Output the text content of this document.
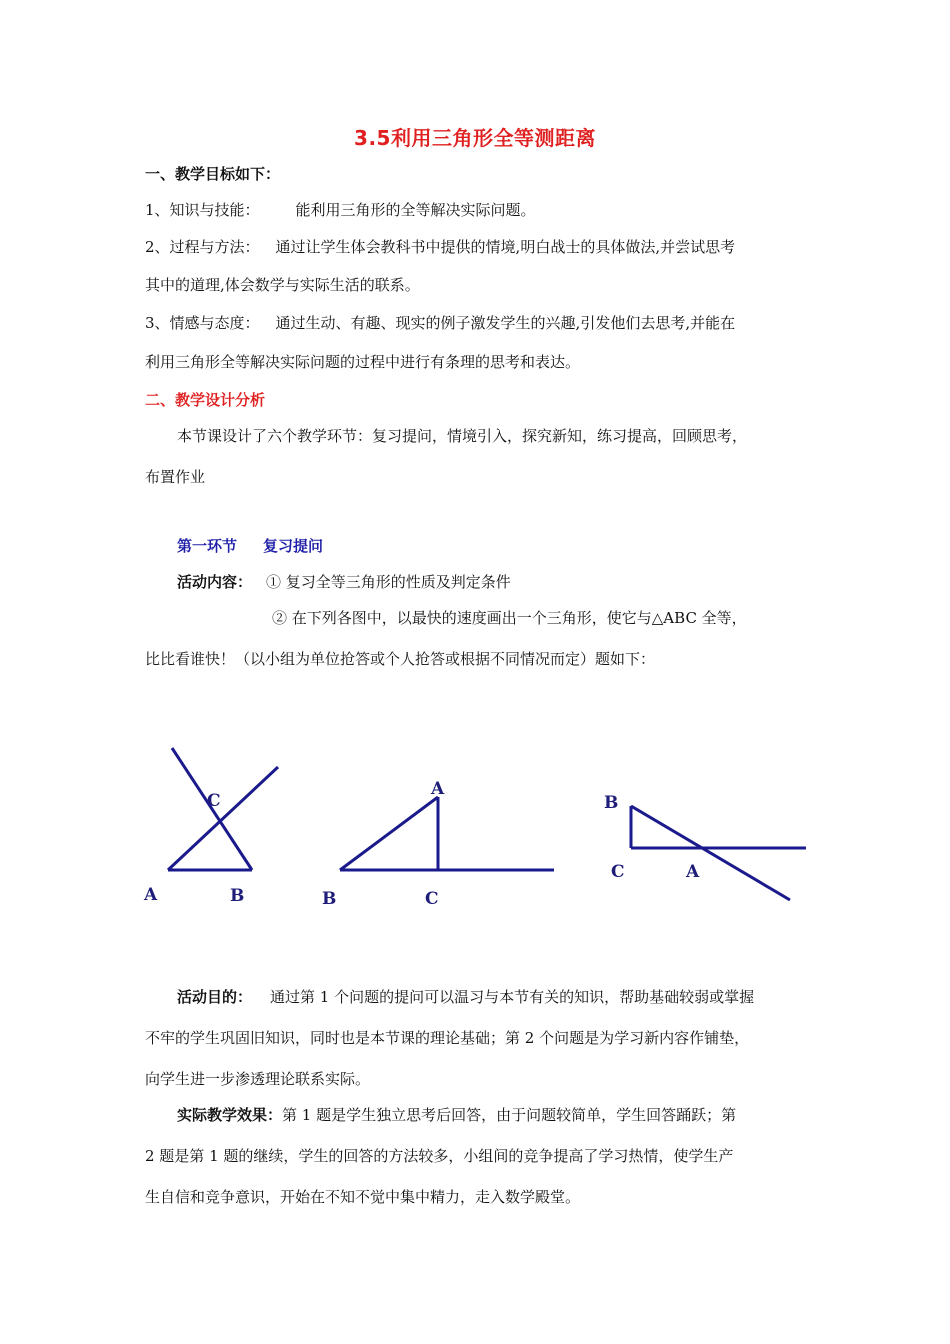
3.5利用三角形全等测距离
一、教学目标如下：
1、知识与技能： 能利用三角形的全等解决实际问题。
2、过程与方法： 通过让学生体会教科书中提供的情境,明白战士的具体做法,并尝试思考
其中的道理,体会数学与实际生活的联系。
3、情感与态度： 通过生动、有趣、现实的例子激发学生的兴趣,引发他们去思考,并能在
利用三角形全等解决实际问题的过程中进行有条理的思考和表达。
二、教学设计分析
本节课设计了六个教学环节：复习提问，情境引入，探究新知，练习提高，回顾思考，
布置作业
第一环节 复习提问
活动内容： ① 复习全等三角形的性质及判定条件
② 在下列各图中，以最快的速度画出一个三角形，使它与△ABC 全等，
比比看谁快！（以小组为单位抢答或个人抢答或根据不同情况而定）题如下：
C
A	B
A
B	C
B
C	A
活动目的： 通过第 1 个问题的提问可以温习与本节有关的知识，帮助基础较弱或掌握
不牢的学生巩固旧知识，同时也是本节课的理论基础；第 2 个问题是为学习新内容作铺垫，
向学生进一步渗透理论联系实际。
实际教学效果：第 1 题是学生独立思考后回答，由于问题较简单，学生回答踊跃；第
2 题是第 1 题的继续，学生的回答的方法较多，小组间的竞争提高了学习热情，使学生产
生自信和竞争意识，开始在不知不觉中集中精力，走入数学殿堂。
